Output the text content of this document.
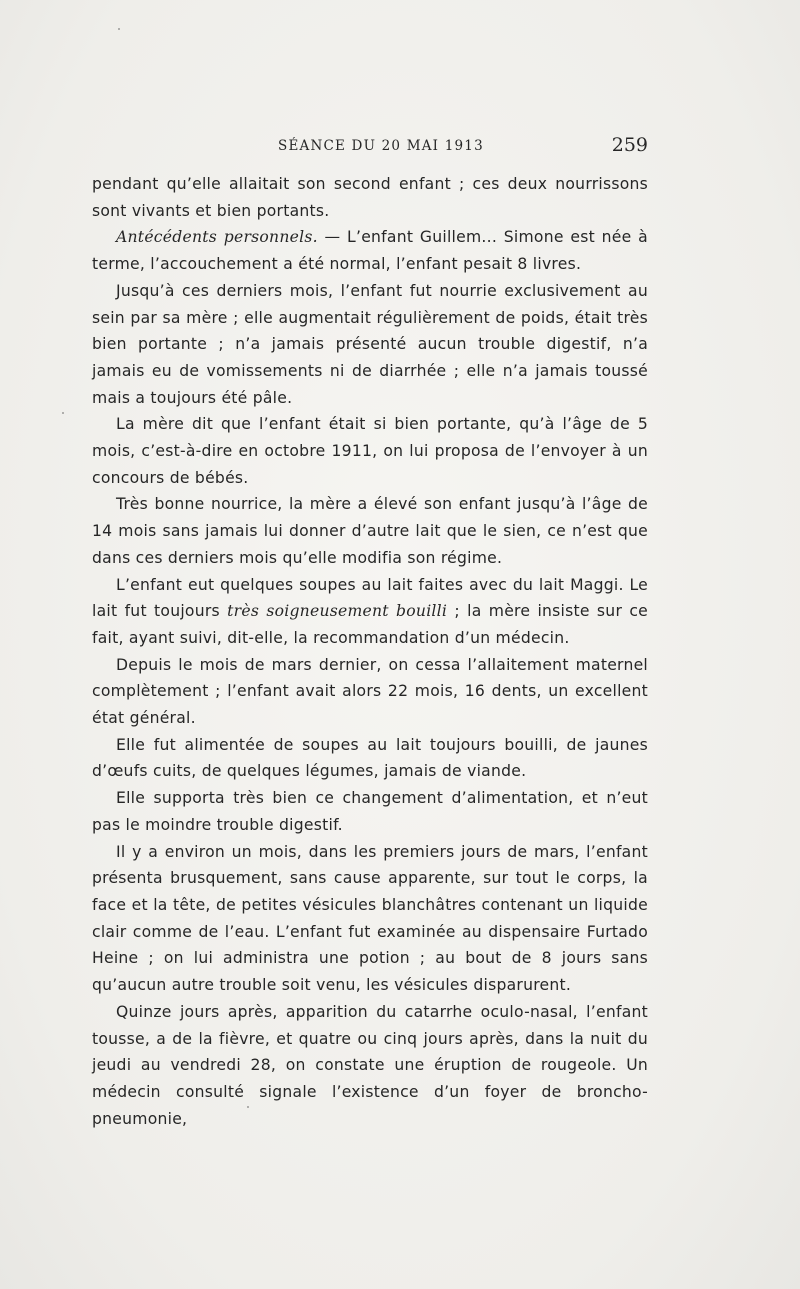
SÉANCE DU 20 MAI 1913	259

pendant qu’elle allaitait son second enfant ; ces deux nourrissons sont vivants et bien portants.

Antécédents personnels. — L’enfant Guillem... Simone est née à terme, l’accouchement a été normal, l’enfant pesait 8 livres.

Jusqu’à ces derniers mois, l’enfant fut nourrie exclusivement au sein par sa mère ; elle augmentait régulièrement de poids, était très bien portante ; n’a jamais présenté aucun trouble digestif, n’a jamais eu de vomissements ni de diarrhée ; elle n’a jamais toussé mais a toujours été pâle.

La mère dit que l’enfant était si bien portante, qu’à l’âge de 5 mois, c’est-à-dire en octobre 1911, on lui proposa de l’envoyer à un concours de bébés.

Très bonne nourrice, la mère a élevé son enfant jusqu’à l’âge de 14 mois sans jamais lui donner d’autre lait que le sien, ce n’est que dans ces derniers mois qu’elle modifia son régime.

L’enfant eut quelques soupes au lait faites avec du lait Maggi. Le lait fut toujours très soigneusement bouilli ; la mère insiste sur ce fait, ayant suivi, dit-elle, la recommandation d’un médecin.

Depuis le mois de mars dernier, on cessa l’allaitement maternel complètement ; l’enfant avait alors 22 mois, 16 dents, un excellent état général.

Elle fut alimentée de soupes au lait toujours bouilli, de jaunes d’œufs cuits, de quelques légumes, jamais de viande.

Elle supporta très bien ce changement d’alimentation, et n’eut pas le moindre trouble digestif.

Il y a environ un mois, dans les premiers jours de mars, l’enfant présenta brusquement, sans cause apparente, sur tout le corps, la face et la tête, de petites vésicules blanchâtres contenant un liquide clair comme de l’eau. L’enfant fut examinée au dispensaire Furtado Heine ; on lui administra une potion ; au bout de 8 jours sans qu’aucun autre trouble soit venu, les vésicules disparurent.

Quinze jours après, apparition du catarrhe oculo-nasal, l’enfant tousse, a de la fièvre, et quatre ou cinq jours après, dans la nuit du jeudi au vendredi 28, on constate une éruption de rougeole. Un médecin consulté signale l’existence d’un foyer de broncho-pneumonie,
